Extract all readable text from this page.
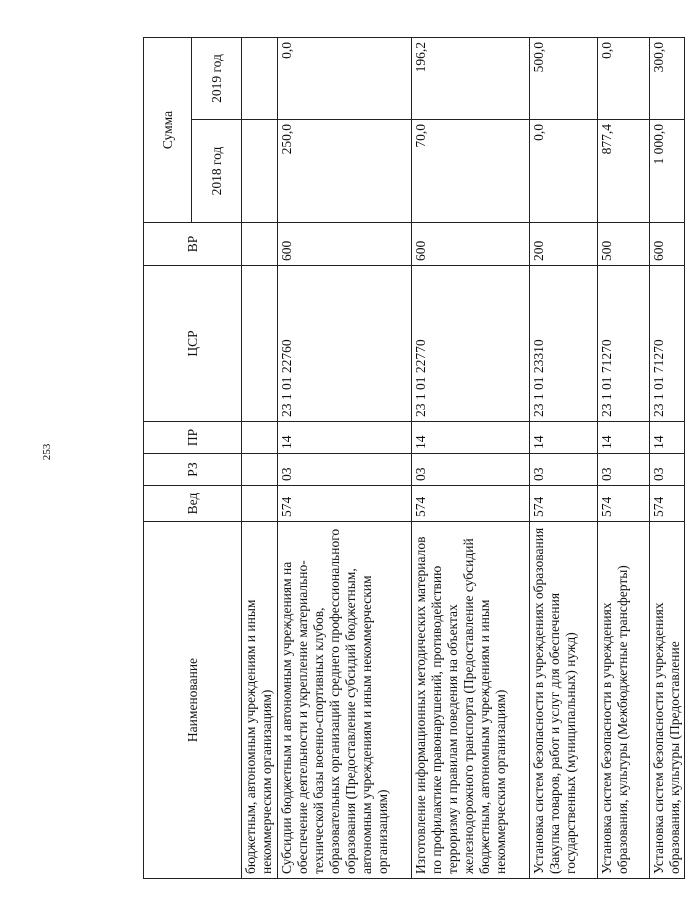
253
Наименование	Вед	РЗ	ПР	ЦСР	ВР	Сумма	
						2018 год	2019 год
бюджетным, автономным учреждениям и иным некоммерческим организациям)							
Субсидии бюджетным и автономным учреждениям на обеспечение деятельности и укрепление материально-технической базы военно-спортивных клубов, образовательных организаций среднего профессионального образования (Предоставление субсидий бюджетным, автономным учреждениям и иным некоммерческим организациям)	574	03	14	23 1 01 22760	600	250,0	0,0
Изготовление информационных методических материалов по профилактике правонарушений, противодействию терроризму и правилам поведения на объектах железнодорожного транспорта (Предоставление субсидий бюджетным, автономным учреждениям и иным некоммерческим организациям)	574	03	14	23 1 01 22770	600	70,0	196,2
Установка систем безопасности в учреждениях образования (Закупка товаров, работ и услуг для обеспечения государственных (муниципальных) нужд)	574	03	14	23 1 01 23310	200	0,0	500,0
Установка систем безопасности в учреждениях образования, культуры (Межбюджетные трансферты)	574	03	14	23 1 01 71270	500	877,4	0,0
Установка систем безопасности в учреждениях образования, культуры (Предоставление	574	03	14	23 1 01 71270	600	1 000,0	300,0
